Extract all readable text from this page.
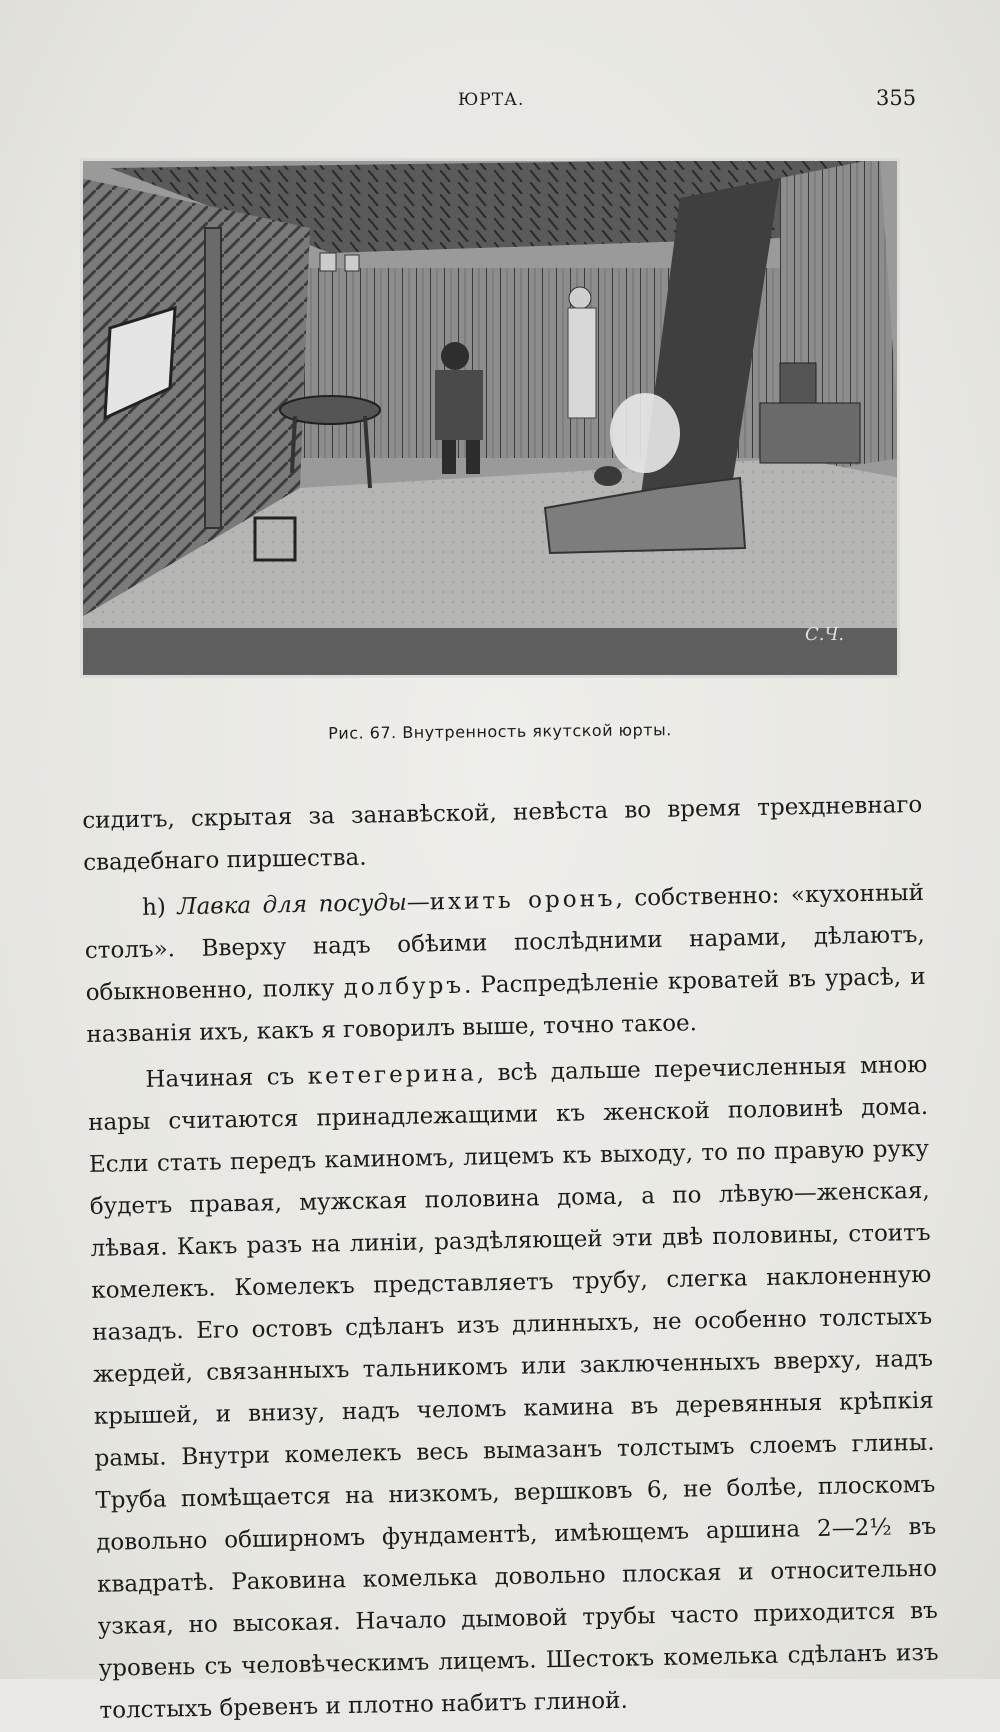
ЮРТА.	355
С.Ч.
Рис. 67. Внутренность якутской юрты.

сидитъ, скрытая за занавѣской, невѣста во время трехдневнаго свадебнаго пиршества.

h) Лавка для посуды—ихить оронъ, собственно: «кухонный столъ». Вверху надъ обѣими послѣдними нарами, дѣлаютъ, обыкновенно, полку долбуръ. Распредѣленіе кроватей въ урасѣ, и названія ихъ, какъ я говорилъ выше, точно такое.

Начиная съ кетегерина, всѣ дальше перечисленныя мною нары считаются принадлежащими къ женской половинѣ дома. Если стать передъ каминомъ, лицемъ къ выходу, то по правую руку будетъ правая, мужская половина дома, а по лѣвую—женская, лѣвая. Какъ разъ на линіи, раздѣляющей эти двѣ половины, стоитъ комелекъ. Комелекъ представляетъ трубу, слегка наклоненную назадъ. Его остовъ сдѣланъ изъ длинныхъ, не особенно толстыхъ жердей, связанныхъ тальникомъ или заключенныхъ вверху, надъ крышей, и внизу, надъ челомъ камина въ деревянныя крѣпкія рамы. Внутри комелекъ весь вымазанъ толстымъ слоемъ глины. Труба помѣщается на низкомъ, вершковъ 6, не болѣе, плоскомъ довольно обширномъ фундаментѣ, имѣющемъ аршина 2—2½ въ квадратѣ. Раковина комелька довольно плоская и относительно узкая, но высокая. Начало дымовой трубы часто приходится въ уровень съ человѣческимъ лицемъ. Шестокъ комелька сдѣланъ изъ толстыхъ бревенъ и плотно набитъ глиной.
